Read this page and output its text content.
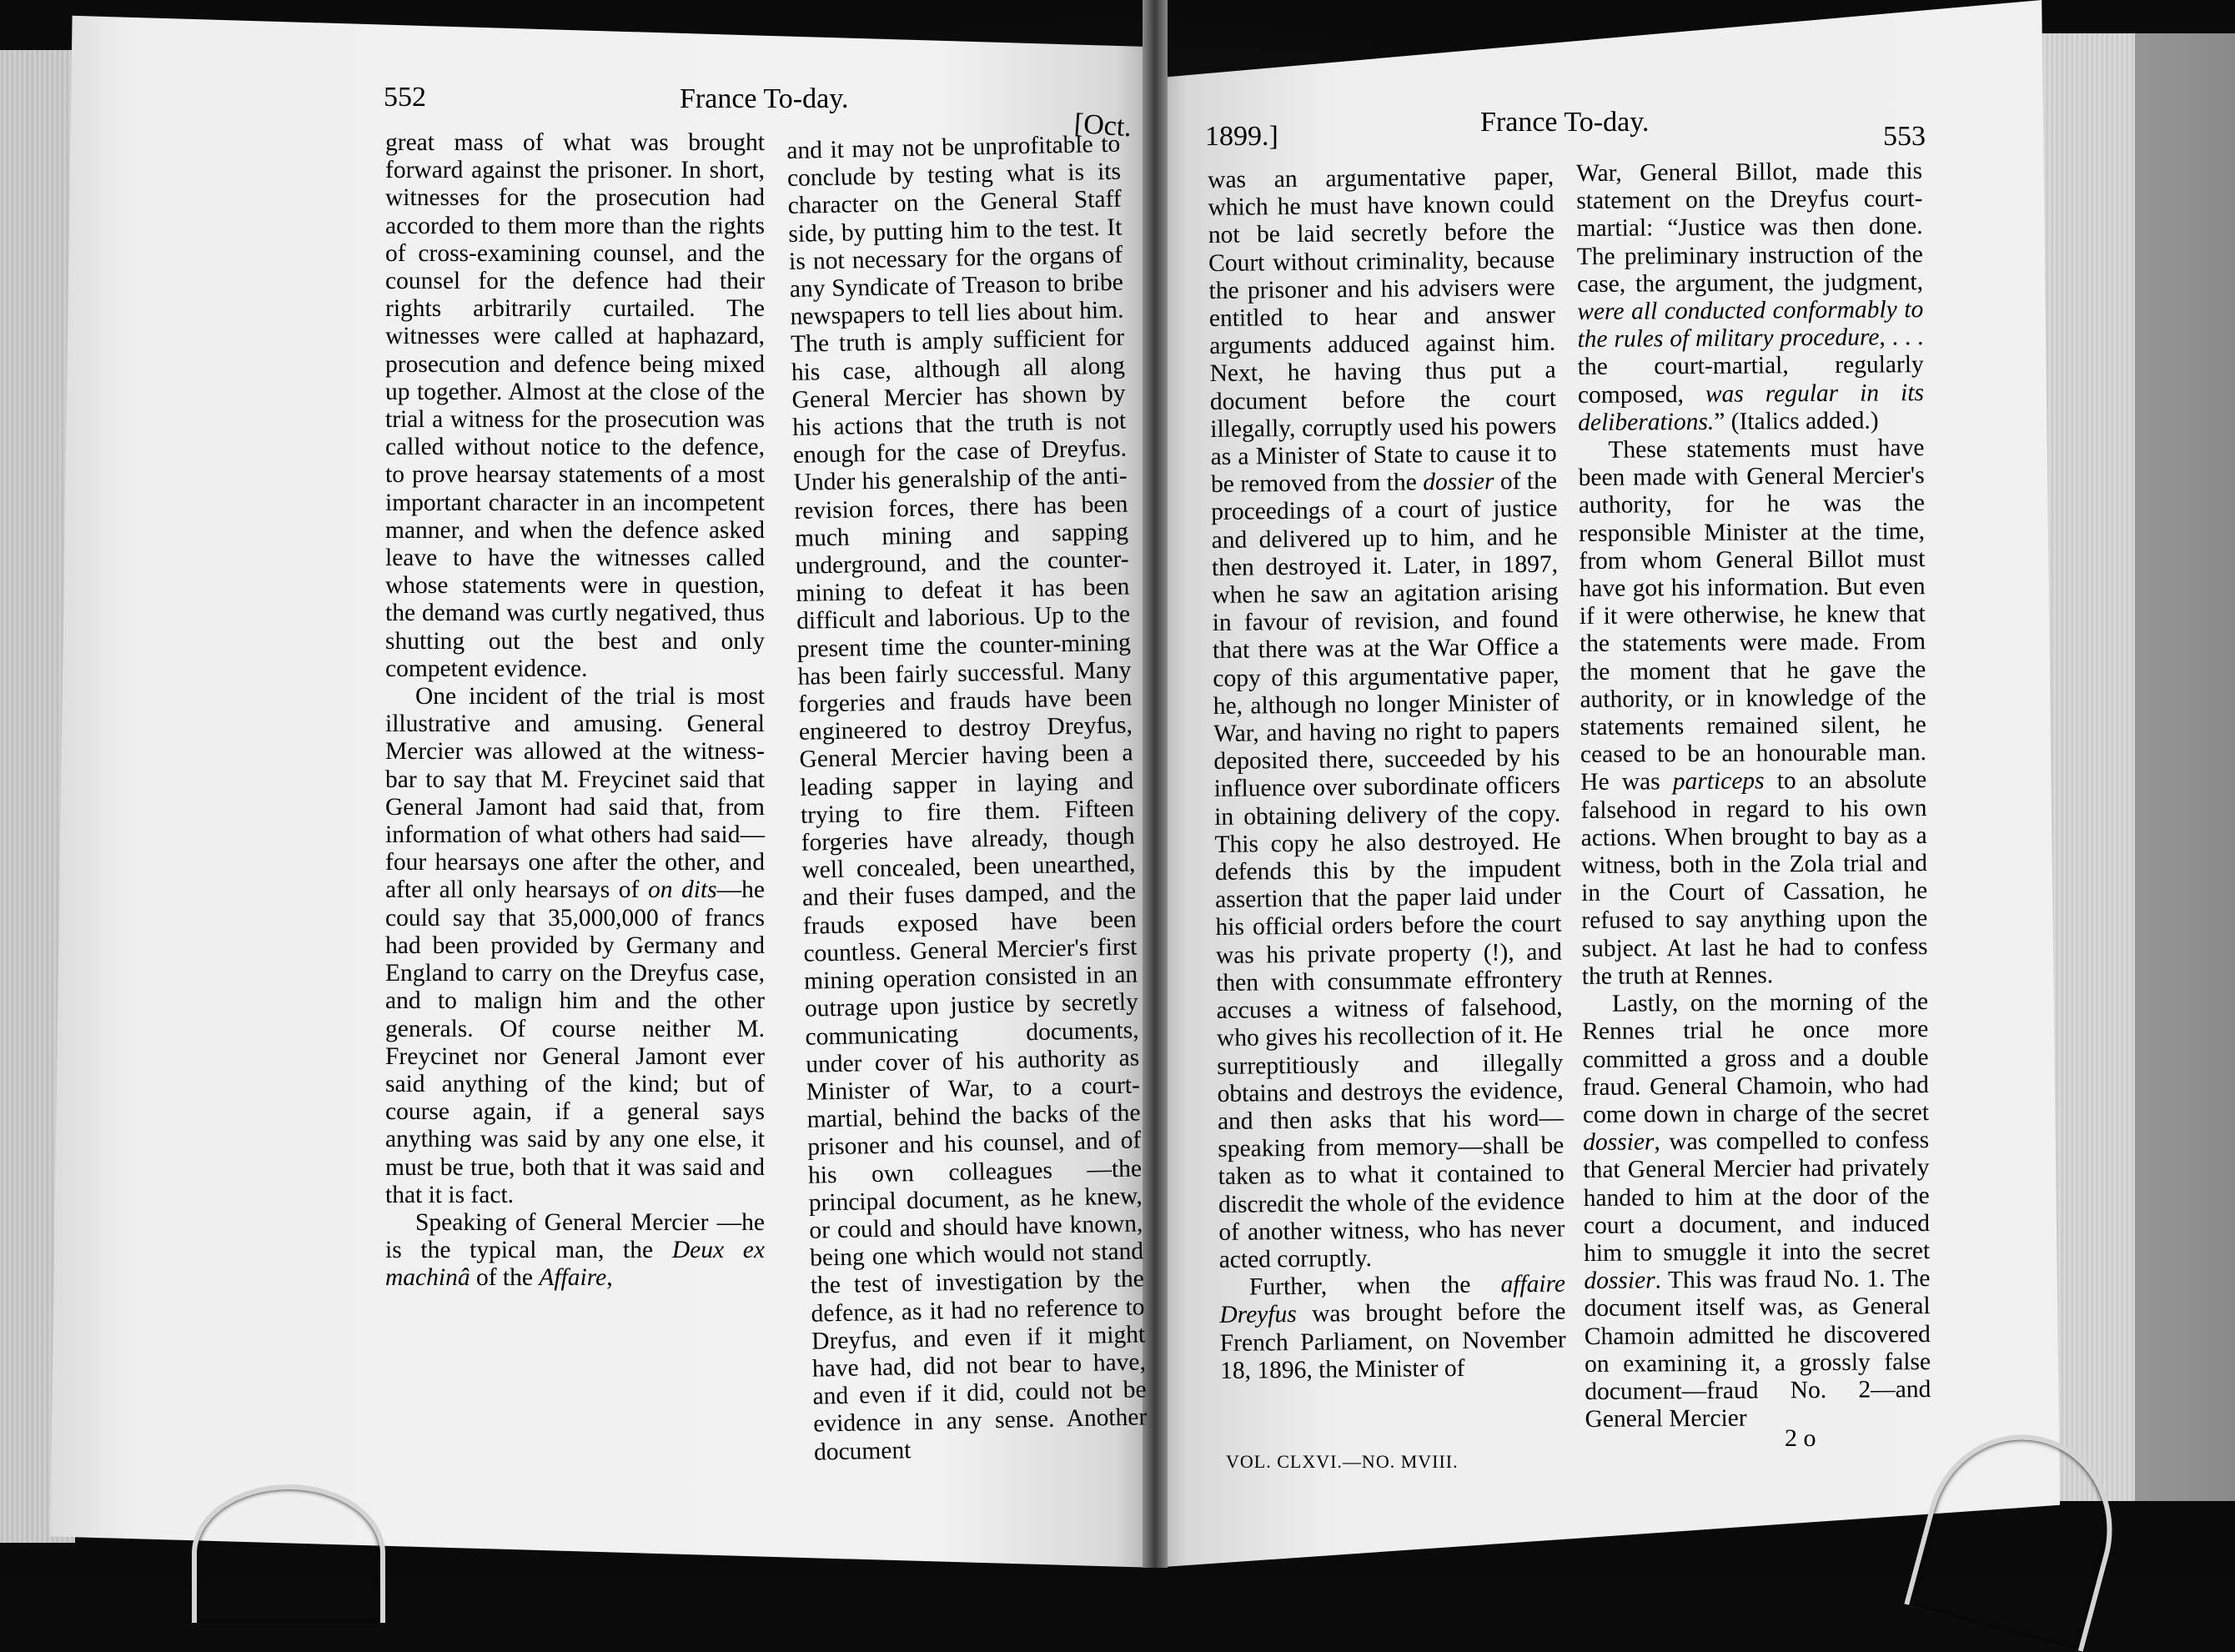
552	France To-day.
[Oct.

great mass of what was brought forward against the prisoner. In short, witnesses for the prosecution had accorded to them more than the rights of cross-examining counsel, and the counsel for the defence had their rights arbitrarily curtailed. The witnesses were called at haphazard, prosecution and defence being mixed up together. Almost at the close of the trial a witness for the prosecution was called without notice to the defence, to prove hearsay statements of a most important character in an incompetent manner, and when the defence asked leave to have the witnesses called whose statements were in question, the demand was curtly negatived, thus shutting out the best and only competent evidence.

One incident of the trial is most illustrative and amusing. General Mercier was allowed at the witness-bar to say that M. Freycinet said that General Jamont had said that, from information of what others had said—four hearsays one after the other, and after all only hearsays of on dits—he could say that 35,000,000 of francs had been provided by Germany and England to carry on the Dreyfus case, and to malign him and the other generals. Of course neither M. Freycinet nor General Jamont ever said anything of the kind; but of course again, if a general says anything was said by any one else, it must be true, both that it was said and that it is fact.

Speaking of General Mercier —he is the typical man, the Deux ex machinâ of the Affaire,

and it may not be unprofitable to conclude by testing what is its character on the General Staff side, by putting him to the test. It is not necessary for the organs of any Syndicate of Treason to bribe newspapers to tell lies about him. The truth is amply sufficient for his case, although all along General Mercier has shown by his actions that the truth is not enough for the case of Dreyfus. Under his generalship of the anti-revision forces, there has been much mining and sapping underground, and the counter-mining to defeat it has been difficult and laborious. Up to the present time the counter-mining has been fairly successful. Many forgeries and frauds have been engineered to destroy Dreyfus, General Mercier having been a leading sapper in laying and trying to fire them. Fifteen forgeries have already, though well concealed, been unearthed, and their fuses damped, and the frauds exposed have been countless. General Mercier's first mining operation consisted in an outrage upon justice by secretly communicating documents, under cover of his authority as Minister of War, to a court-martial, behind the backs of the prisoner and his counsel, and of his own colleagues —the principal document, as he knew, or could and should have known, being one which would not stand the test of investigation by the defence, as it had no reference to Dreyfus, and even if it might have had, did not bear to have, and even if it did, could not be evidence in any sense. Another document

1899.]	France To-day.	553

was an argumentative paper, which he must have known could not be laid secretly before the Court without criminality, because the prisoner and his advisers were entitled to hear and answer arguments adduced against him. Next, he having thus put a document before the court illegally, corruptly used his powers as a Minister of State to cause it to be removed from the dossier of the proceedings of a court of justice and delivered up to him, and he then destroyed it. Later, in 1897, when he saw an agitation arising in favour of revision, and found that there was at the War Office a copy of this argumentative paper, he, although no longer Minister of War, and having no right to papers deposited there, succeeded by his influence over subordinate officers in obtaining delivery of the copy. This copy he also destroyed. He defends this by the impudent assertion that the paper laid under his official orders before the court was his private property (!), and then with consummate effrontery accuses a witness of falsehood, who gives his recollection of it. He surreptitiously and illegally obtains and destroys the evidence, and then asks that his word—speaking from memory—shall be taken as to what it contained to discredit the whole of the evidence of another witness, who has never acted corruptly.

Further, when the affaire Dreyfus was brought before the French Parliament, on November 18, 1896, the Minister of

War, General Billot, made this statement on the Dreyfus court-martial: “Justice was then done. The preliminary instruction of the case, the argument, the judgment, were all conducted conformably to the rules of military procedure, . . . the court-martial, regularly composed, was regular in its deliberations.” (Italics added.)

These statements must have been made with General Mercier's authority, for he was the responsible Minister at the time, from whom General Billot must have got his information. But even if it were otherwise, he knew that the statements were made. From the moment that he gave the authority, or in knowledge of the statements remained silent, he ceased to be an honourable man. He was particeps to an absolute falsehood in regard to his own actions. When brought to bay as a witness, both in the Zola trial and in the Court of Cassation, he refused to say anything upon the subject. At last he had to confess the truth at Rennes.

Lastly, on the morning of the Rennes trial he once more committed a gross and a double fraud. General Chamoin, who had come down in charge of the secret dossier, was compelled to confess that General Mercier had privately handed to him at the door of the court a document, and induced him to smuggle it into the secret dossier. This was fraud No. 1. The document itself was, as General Chamoin admitted he discovered on examining it, a grossly false document—fraud No. 2—and General Mercier

VOL. CLXVI.—NO. MVIII.
2 o
